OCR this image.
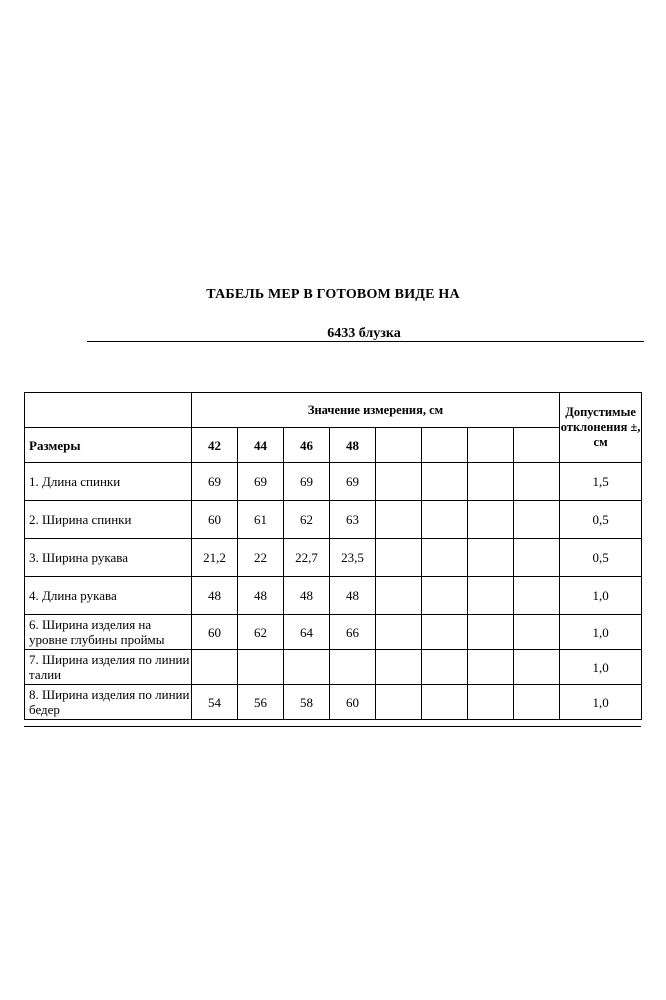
ТАБЕЛЬ МЕР В ГОТОВОМ ВИДЕ НА
6433 блузка
	Значение измерения, см								Допустимые отклонения ±, см
Размеры	42	44	46	48					
1. Длина спинки	69	69	69	69					1,5
2. Ширина спинки	60	61	62	63					0,5
3. Ширина рукава	21,2	22	22,7	23,5					0,5
4. Длина рукава	48	48	48	48					1,0
6. Ширина изделия на уровне глубины проймы	60	62	64	66					1,0
7. Ширина изделия по линии талии									1,0
8. Ширина изделия по линии бедер	54	56	58	60					1,0
